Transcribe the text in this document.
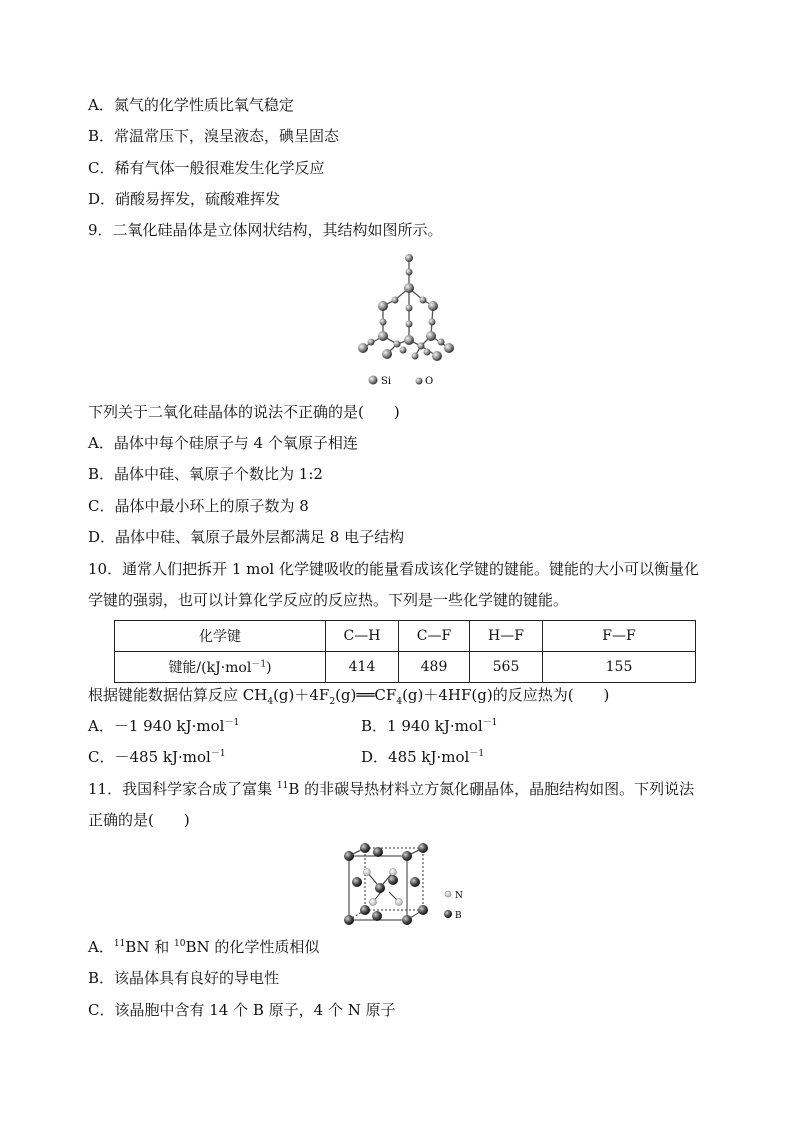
A．氮气的化学性质比氧气稳定
B．常温常压下，溴呈液态，碘呈固态
C．稀有气体一般很难发生化学反应
D．硝酸易挥发，硫酸难挥发
9．二氧化硅晶体是立体网状结构，其结构如图所示。
Si	O
下列关于二氧化硅晶体的说法不正确的是(　　)
A．晶体中每个硅原子与 4 个氧原子相连
B．晶体中硅、氧原子个数比为 1:2
C．晶体中最小环上的原子数为 8
D．晶体中硅、氧原子最外层都满足 8 电子结构
10．通常人们把拆开 1 mol 化学键吸收的能量看成该化学键的键能。键能的大小可以衡量化
学键的强弱，也可以计算化学反应的反应热。下列是一些化学键的键能。
化学键	C—H	C—F	H—F	F—F
键能/(kJ·mol$^{-1}$)	414	489	565	155
根据键能数据估算反应 $CH_4(g)+4F_2(g)══CF_4(g)+4HF(g)$的反应热为(　　)
A．－1 940 kJ·mol$^{-1}$	B．1 940 kJ·mol$^{-1}$
C．－485 kJ·mol$^{-1}$	D．485 kJ·mol$^{-1}$
11．我国科学家合成了富集 $^{11}$B 的非碳导热材料立方氮化硼晶体，晶胞结构如图。下列说法
正确的是(　　)
N
B
A．$^{11}$BN 和 $^{10}$BN 的化学性质相似
B．该晶体具有良好的导电性
C．该晶胞中含有 14 个 B 原子，4 个 N 原子
